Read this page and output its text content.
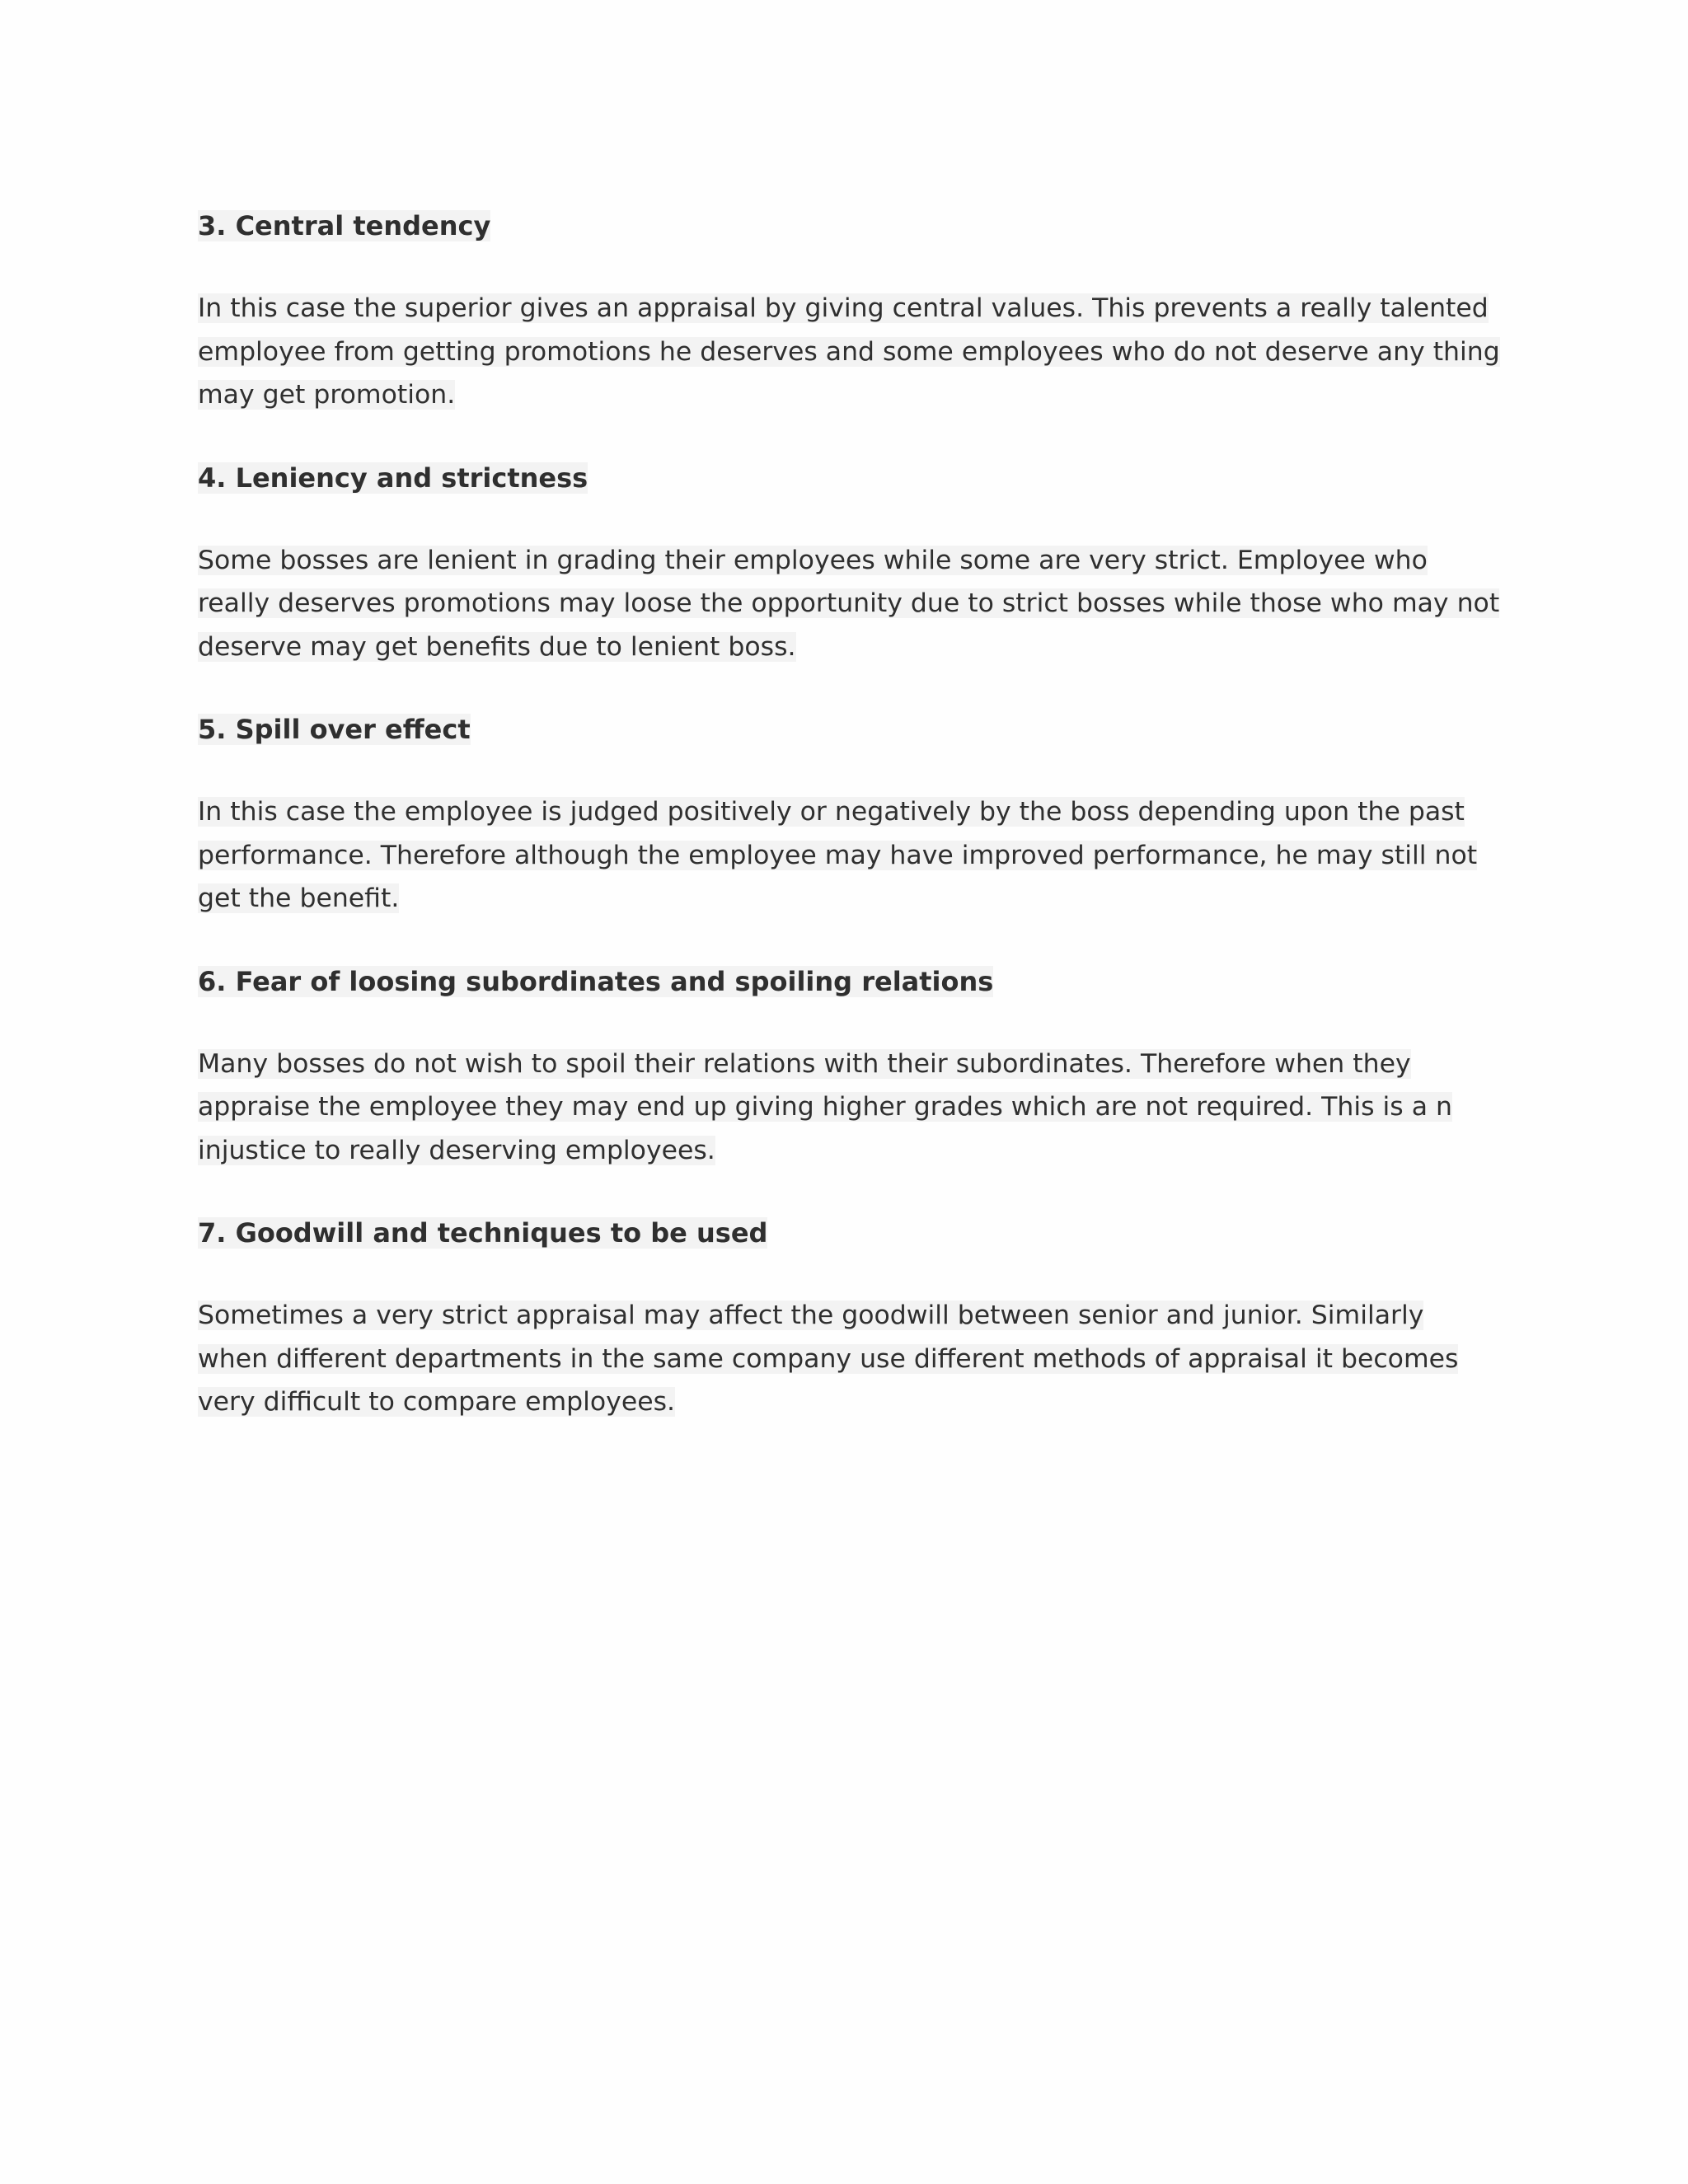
3. Central tendency

In this case the superior gives an appraisal by giving central values. This prevents a really talented employee from getting promotions he deserves and some employees who do not deserve any thing may get promotion.

4. Leniency and strictness

Some bosses are lenient in grading their employees while some are very strict. Employee who really deserves promotions may loose the opportunity due to strict bosses while those who may not deserve may get benefits due to lenient boss.

5. Spill over effect

In this case the employee is judged positively or negatively by the boss depending upon the past performance. Therefore although the employee may have improved performance, he may still not get the benefit.

6. Fear of loosing subordinates and spoiling relations

Many bosses do not wish to spoil their relations with their subordinates. Therefore when they appraise the employee they may end up giving higher grades which are not required. This is a n injustice to really deserving employees.

7. Goodwill and techniques to be used

Sometimes a very strict appraisal may affect the goodwill between senior and junior. Similarly when different departments in the same company use different methods of appraisal it becomes very difficult to compare employees.
